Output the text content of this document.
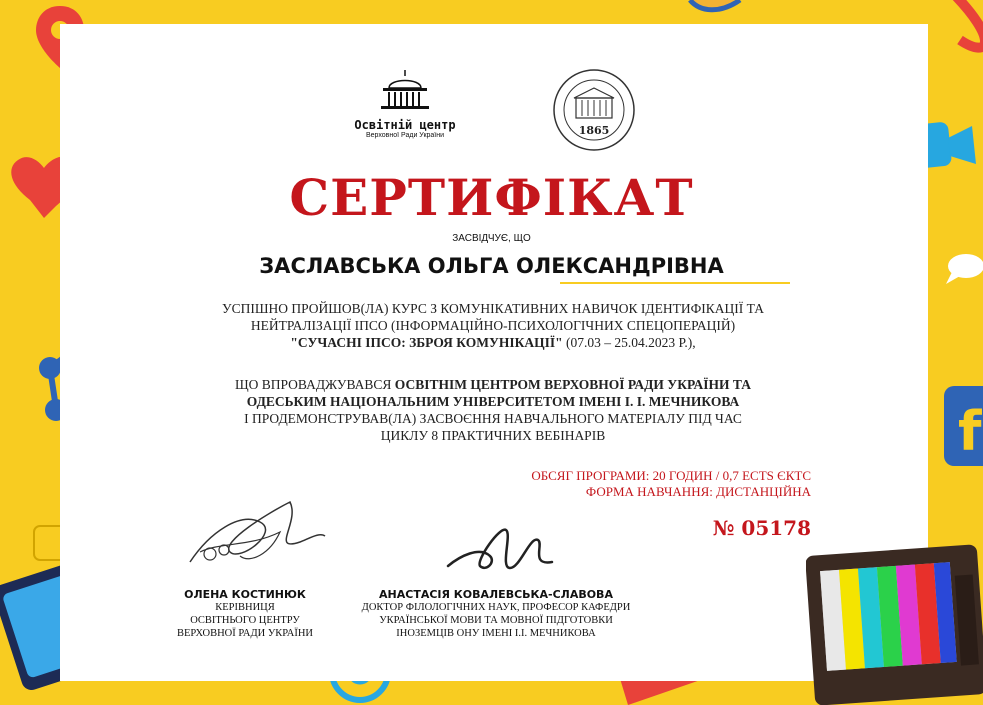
f
Освітній центр
Верховної Ради України	1865
СЕРТИФІКАТ
ЗАСВІДЧУЄ, ЩО
ЗАСЛАВСЬКА ОЛЬГА ОЛЕКСАНДРІВНА
УСПІШНО ПРОЙШОВ(ЛА) КУРС З КОМУНІКАТИВНИХ НАВИЧОК ІДЕНТИФІКАЦІЇ ТА
НЕЙТРАЛІЗАЦІЇ ІПСО (ІНФОРМАЦІЙНО-ПСИХОЛОГІЧНИХ СПЕЦОПЕРАЦІЙ)
"СУЧАСНІ ІПСО: ЗБРОЯ КОМУНІКАЦІЇ" (07.03 – 25.04.2023 Р.),
ЩО ВПРОВАДЖУВАВСЯ ОСВІТНІМ ЦЕНТРОМ ВЕРХОВНОЇ РАДИ УКРАЇНИ ТА
ОДЕСЬКИМ НАЦІОНАЛЬНИМ УНІВЕРСИТЕТОМ ІМЕНІ І. І. МЕЧНИКОВА
І ПРОДЕМОНСТРУВАВ(ЛА) ЗАСВОЄННЯ НАВЧАЛЬНОГО МАТЕРІАЛУ ПІД ЧАС
ЦИКЛУ 8 ПРАКТИЧНИХ ВЕБІНАРІВ
ОБСЯГ ПРОГРАМИ: 20 ГОДИН / 0,7 ECTS ЄКТС
ФОРМА НАВЧАННЯ: ДИСТАНЦІЙНА
№ 05178
ОЛЕНА КОСТИНЮК
КЕРІВНИЦЯ
ОСВІТНЬОГО ЦЕНТРУ
ВЕРХОВНОЇ РАДИ УКРАЇНИ
АНАСТАСІЯ КОВАЛЕВСЬКА-СЛАВОВА
ДОКТОР ФІЛОЛОГІЧНИХ НАУК, ПРОФЕСОР КАФЕДРИ
УКРАЇНСЬКОЇ МОВИ ТА МОВНОЇ ПІДГОТОВКИ
ІНОЗЕМЦІВ ОНУ ІМЕНІ І.І. МЕЧНИКОВА
